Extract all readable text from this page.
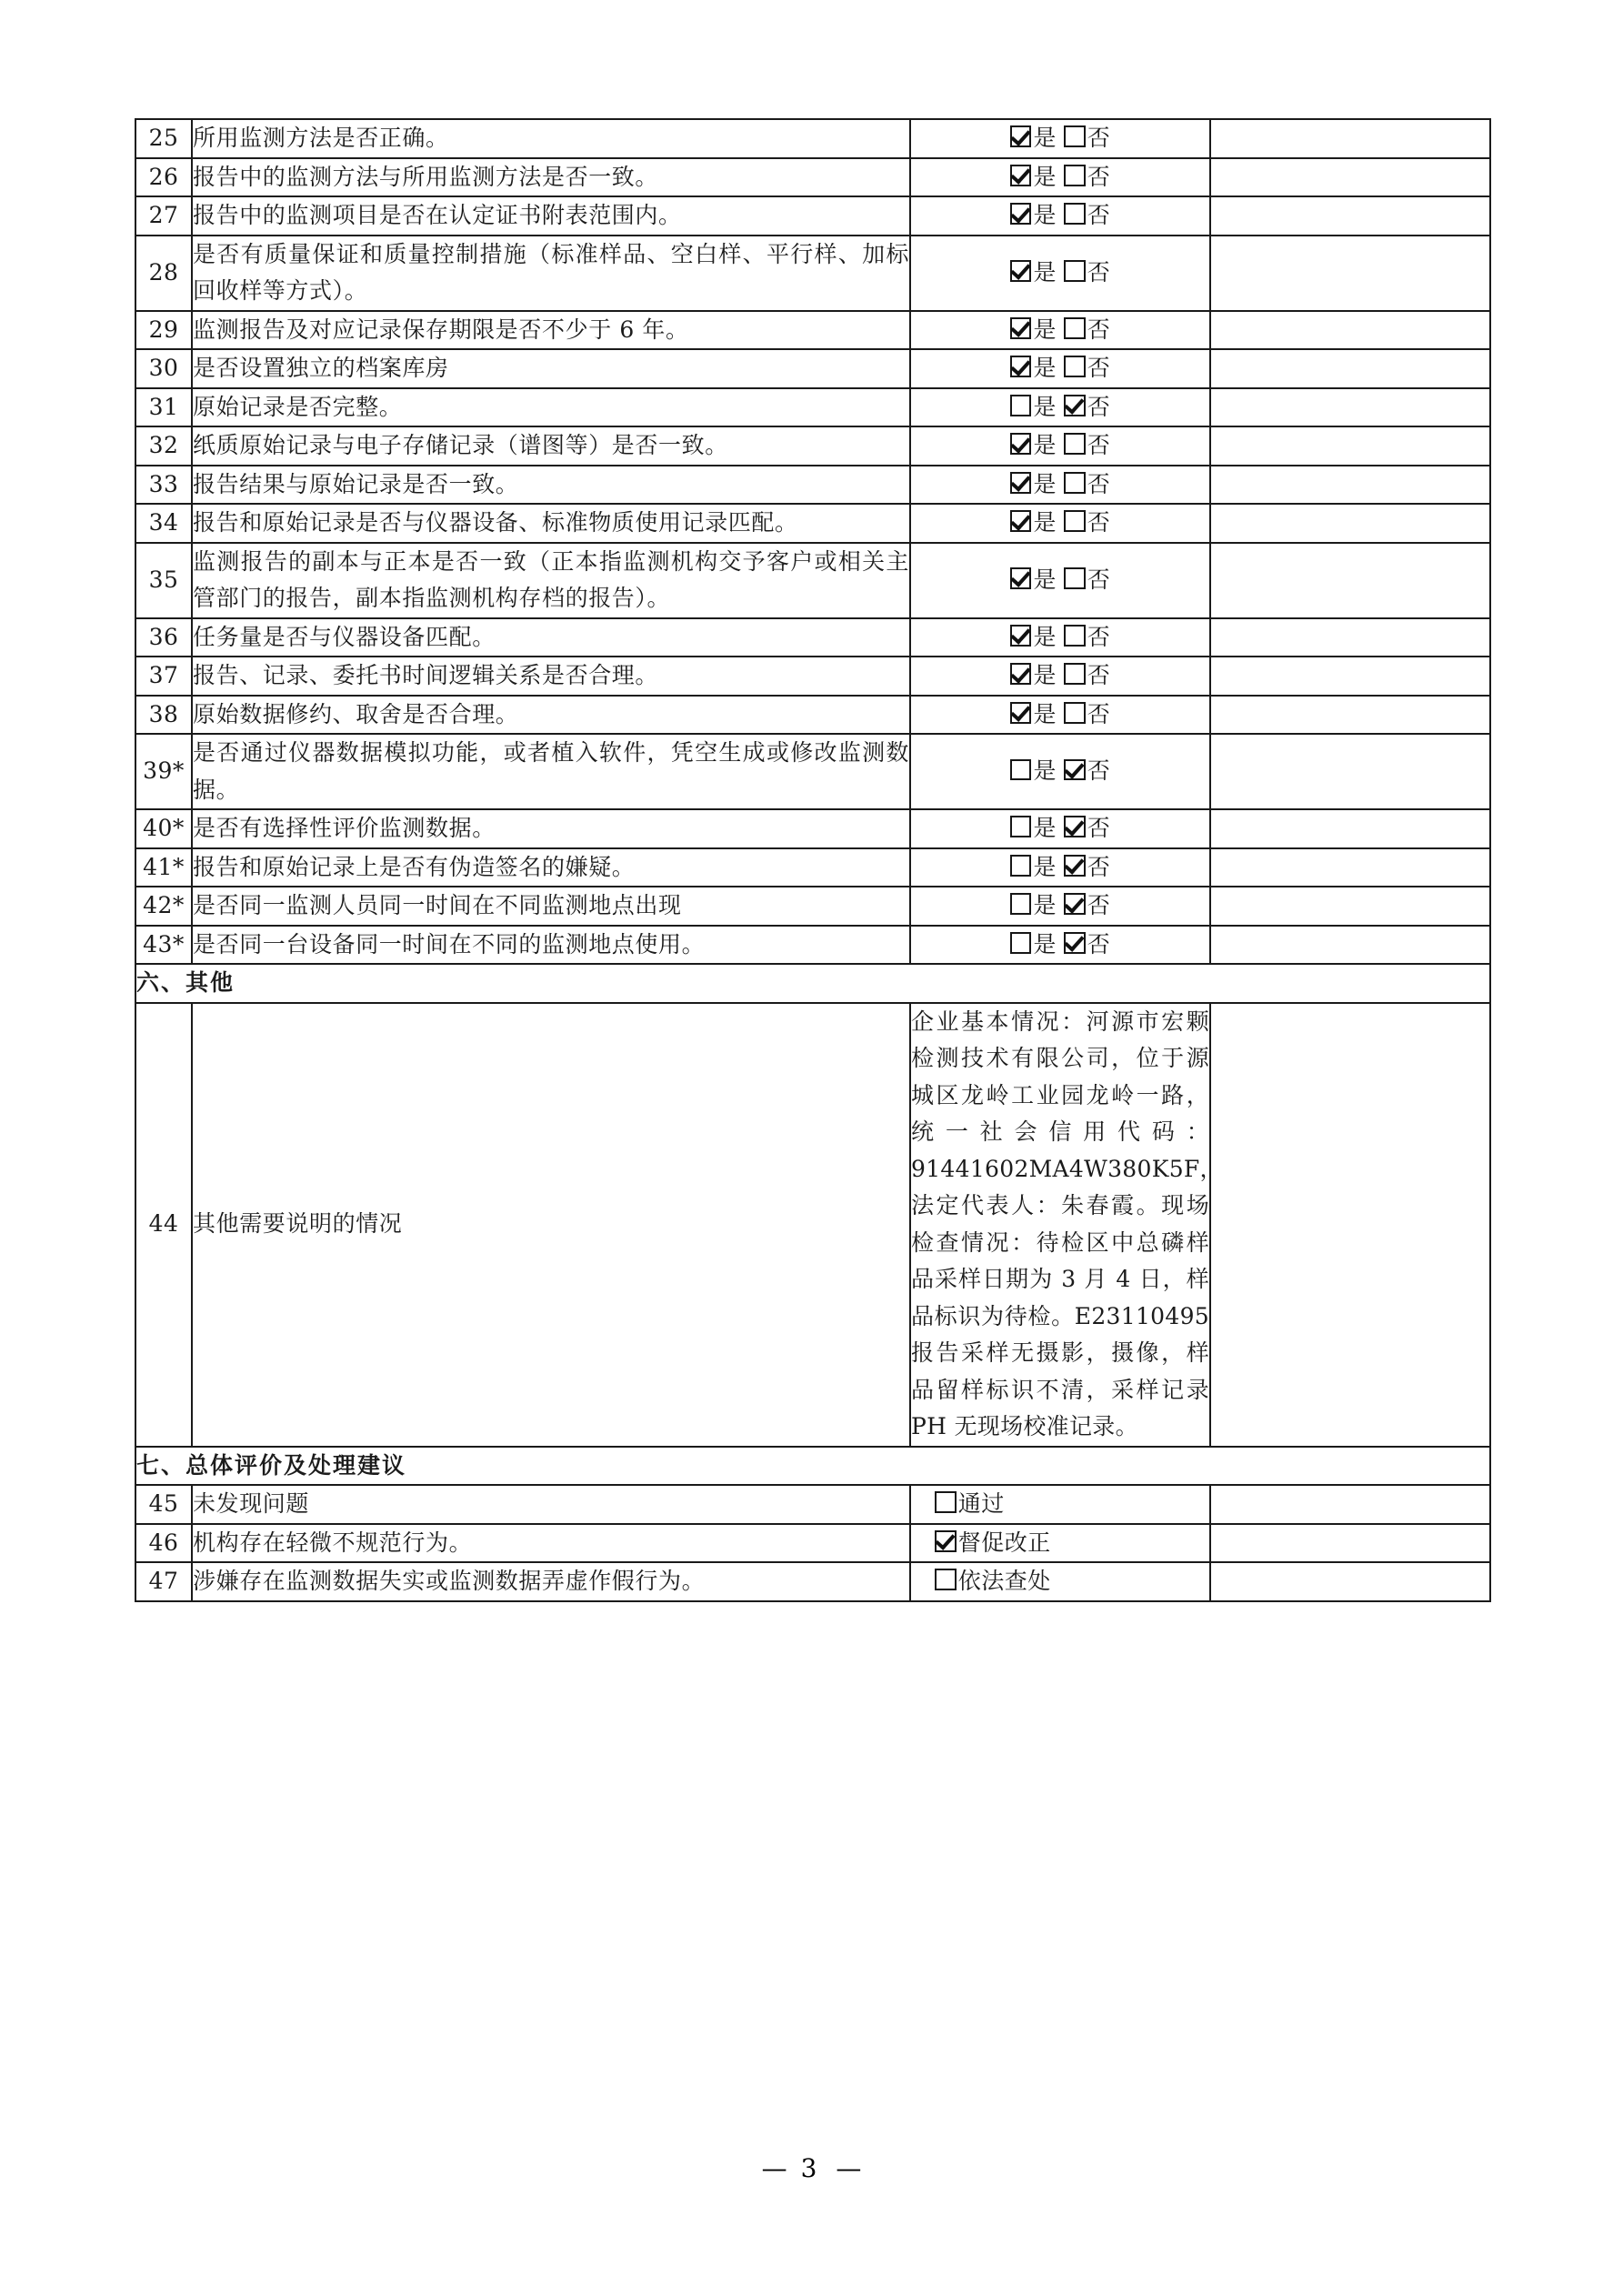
25	所用监测方法是否正确。	是 否	
26	报告中的监测方法与所用监测方法是否一致。	是 否	
27	报告中的监测项目是否在认定证书附表范围内。	是 否	
28	是否有质量保证和质量控制措施（标准样品、空白样、平行样、加标回收样等方式）。	是 否	
29	监测报告及对应记录保存期限是否不少于 6 年。	是 否	
30	是否设置独立的档案库房	是 否	
31	原始记录是否完整。	是 否	
32	纸质原始记录与电子存储记录（谱图等）是否一致。	是 否	
33	报告结果与原始记录是否一致。	是 否	
34	报告和原始记录是否与仪器设备、标准物质使用记录匹配。	是 否	
35	监测报告的副本与正本是否一致（正本指监测机构交予客户或相关主管部门的报告，副本指监测机构存档的报告）。	是 否	
36	任务量是否与仪器设备匹配。	是 否	
37	报告、记录、委托书时间逻辑关系是否合理。	是 否	
38	原始数据修约、取舍是否合理。	是 否	
39*	是否通过仪器数据模拟功能，或者植入软件，凭空生成或修改监测数据。	是 否	
40*	是否有选择性评价监测数据。	是 否	
41*	报告和原始记录上是否有伪造签名的嫌疑。	是 否	
42*	是否同一监测人员同一时间在不同监测地点出现	是 否	
43*	是否同一台设备同一时间在不同的监测地点使用。	是 否	
六、其他			
44	其他需要说明的情况	企业基本情况：河源市宏颗检测技术有限公司，位于源城区龙岭工业园龙岭一路，统一社会信用代码：91441602MA4W380K5F，法定代表人：朱春霞。现场检查情况：待检区中总磷样品采样日期为 3 月 4 日，样品标识为待检。E23110495报告采样无摄影，摄像，样品留样标识不清，采样记录 PH 无现场校准记录。	
七、总体评价及处理建议			
45	未发现问题	通过	
46	机构存在轻微不规范行为。	督促改正	
47	涉嫌存在监测数据失实或监测数据弄虚作假行为。	依法查处	
— 3 —
